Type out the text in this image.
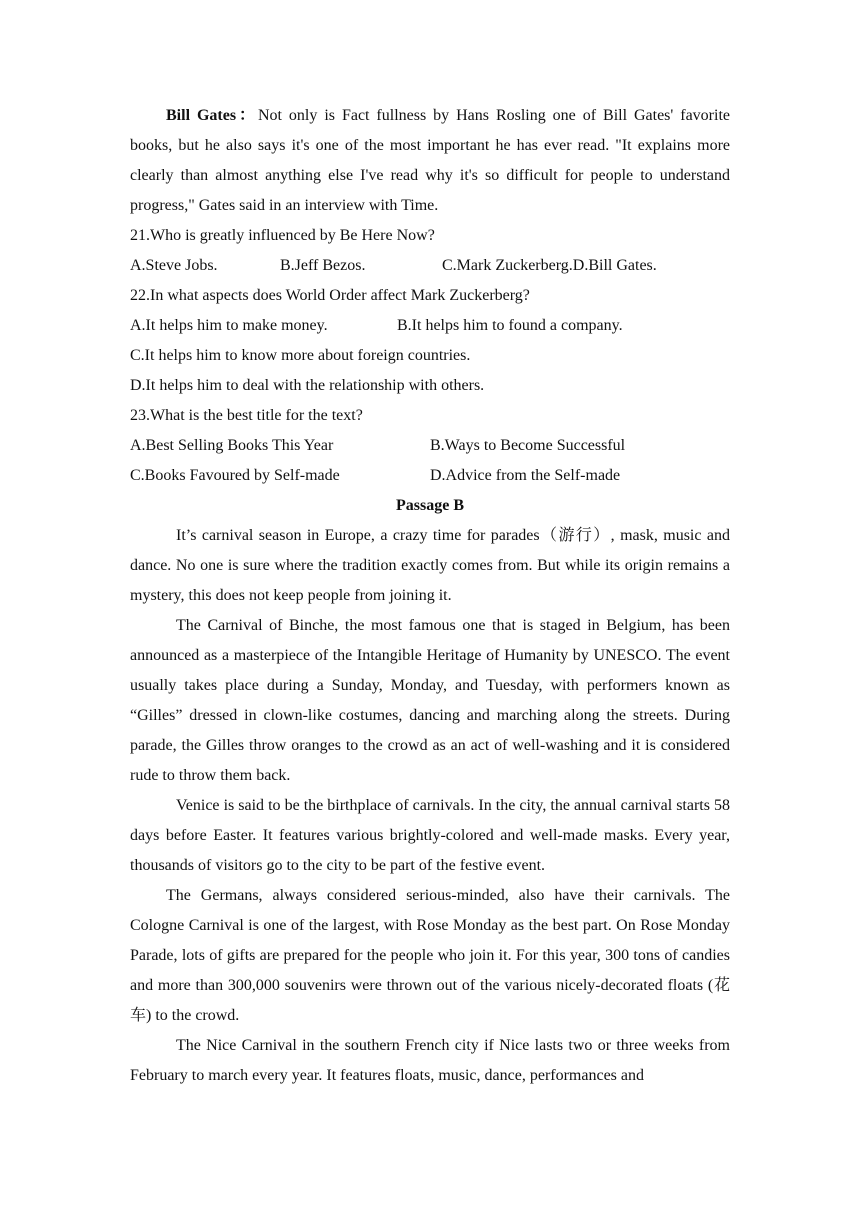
Bill Gates：Not only is Fact fullness by Hans Rosling one of Bill Gates' favorite books, but he also says it's one of the most important he has ever read. "It explains more clearly than almost anything else I've read why it's so difficult for people to understand progress," Gates said in an interview with Time.

21.Who is greatly influenced by Be Here Now?

A.Steve Jobs.	B.Jeff Bezos.	C.Mark Zuckerberg. D.Bill Gates.

22.In what aspects does World Order affect Mark Zuckerberg?

A.It helps him to make money.	B.It helps him to found a company.

C.It helps him to know more about foreign countries.

D.It helps him to deal with the relationship with others.

23.What is the best title for the text?

A.Best Selling Books This Year	B.Ways to Become Successful
C.Books Favoured by Self-made	D.Advice from the Self-made

Passage B

It’s carnival season in Europe, a crazy time for parades（游行）, mask, music and dance. No one is sure where the tradition exactly comes from. But while its origin remains a mystery, this does not keep people from joining it.

The Carnival of Binche, the most famous one that is staged in Belgium, has been announced as a masterpiece of the Intangible Heritage of Humanity by UNESCO. The event usually takes place during a Sunday, Monday, and Tuesday, with performers known as “Gilles” dressed in clown-like costumes, dancing and marching along the streets. During parade, the Gilles throw oranges to the crowd as an act of well-washing and it is considered rude to throw them back.

Venice is said to be the birthplace of carnivals. In the city, the annual carnival starts 58 days before Easter. It features various brightly-colored and well-made masks. Every year, thousands of visitors go to the city to be part of the festive event.

The Germans, always considered serious-minded, also have their carnivals. The Cologne Carnival is one of the largest, with Rose Monday as the best part. On Rose Monday Parade, lots of gifts are prepared for the people who join it. For this year, 300 tons of candies and more than 300,000 souvenirs were thrown out of the various nicely-decorated floats (花车) to the crowd.

The Nice Carnival in the southern French city if Nice lasts two or three weeks from February to march every year. It features floats, music, dance, performances and
